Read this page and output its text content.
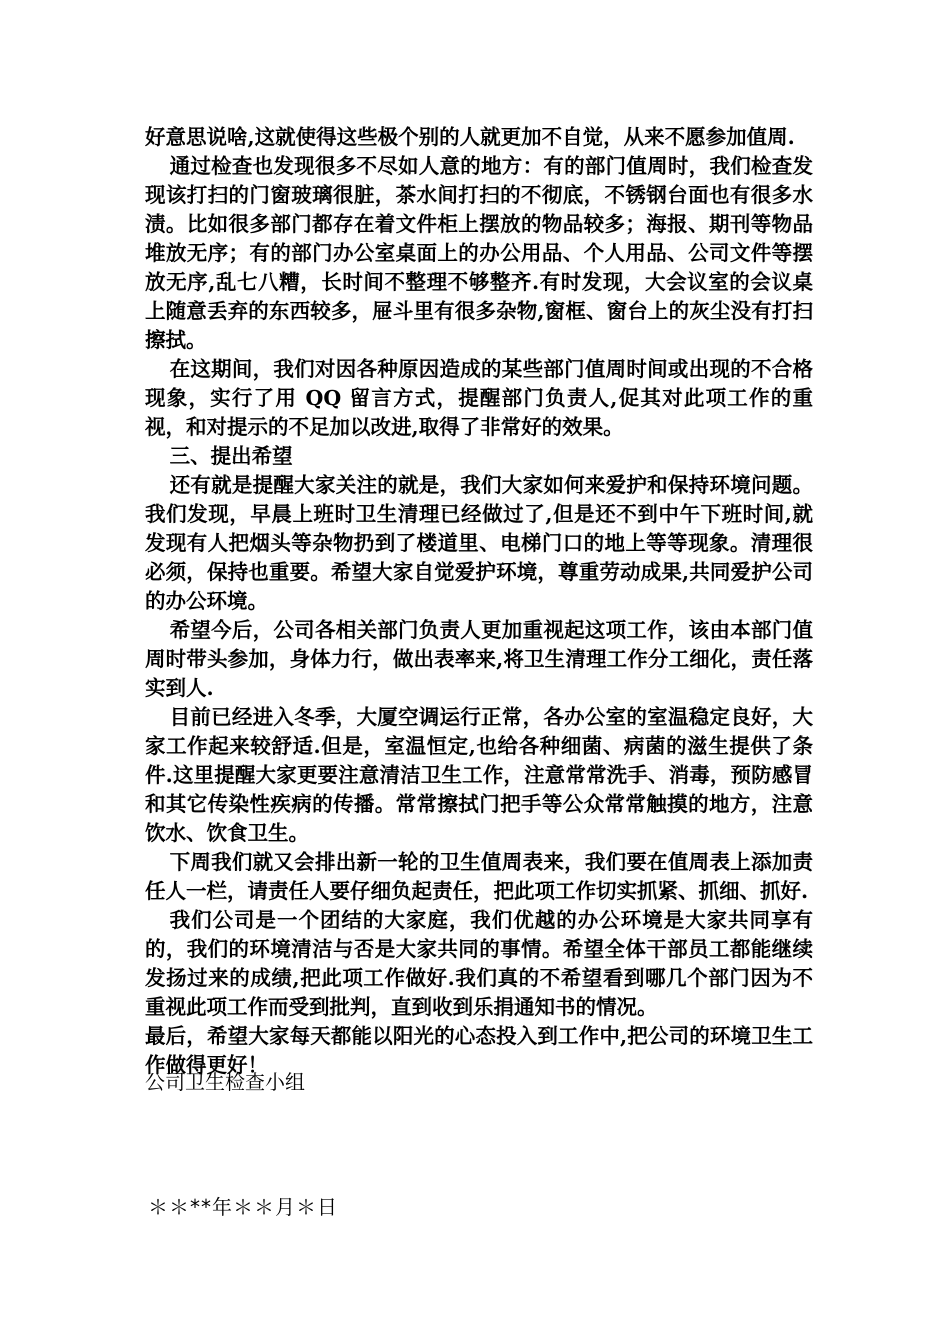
好意思说啥,这就使得这些极个别的人就更加不自觉，从来不愿参加值周.

通过检查也发现很多不尽如人意的地方：有的部门值周时，我们检查发现该打扫的门窗玻璃很脏，茶水间打扫的不彻底，不锈钢台面也有很多水渍。比如很多部门都存在着文件柜上摆放的物品较多；海报、期刊等物品堆放无序；有的部门办公室桌面上的办公用品、个人用品、公司文件等摆放无序,乱七八糟，长时间不整理不够整齐.有时发现，大会议室的会议桌上随意丢弃的东西较多，屉斗里有很多杂物,窗框、窗台上的灰尘没有打扫擦拭。

在这期间，我们对因各种原因造成的某些部门值周时间或出现的不合格现象，实行了用 QQ 留言方式，提醒部门负责人,促其对此项工作的重视，和对提示的不足加以改进,取得了非常好的效果。

三、提出希望

还有就是提醒大家关注的就是，我们大家如何来爱护和保持环境问题。我们发现，早晨上班时卫生清理已经做过了,但是还不到中午下班时间,就发现有人把烟头等杂物扔到了楼道里、电梯门口的地上等等现象。清理很必须，保持也重要。希望大家自觉爱护环境，尊重劳动成果,共同爱护公司的办公环境。

希望今后，公司各相关部门负责人更加重视起这项工作，该由本部门值周时带头参加，身体力行，做出表率来,将卫生清理工作分工细化，责任落实到人.

目前已经进入冬季，大厦空调运行正常，各办公室的室温稳定良好，大家工作起来较舒适.但是，室温恒定,也给各种细菌、病菌的滋生提供了条件.这里提醒大家更要注意清洁卫生工作，注意常常洗手、消毒，预防感冒和其它传染性疾病的传播。常常擦拭门把手等公众常常触摸的地方，注意饮水、饮食卫生。

下周我们就又会排出新一轮的卫生值周表来，我们要在值周表上添加责任人一栏，请责任人要仔细负起责任，把此项工作切实抓紧、抓细、抓好.

我们公司是一个团结的大家庭，我们优越的办公环境是大家共同享有的，我们的环境清洁与否是大家共同的事情。希望全体干部员工都能继续发扬过来的成绩,把此项工作做好.我们真的不希望看到哪几个部门因为不重视此项工作而受到批判，直到收到乐捐通知书的情况。

最后，希望大家每天都能以阳光的心态投入到工作中,把公司的环境卫生工作做得更好！

公司卫生检查小组
＊＊**年＊＊月＊日
